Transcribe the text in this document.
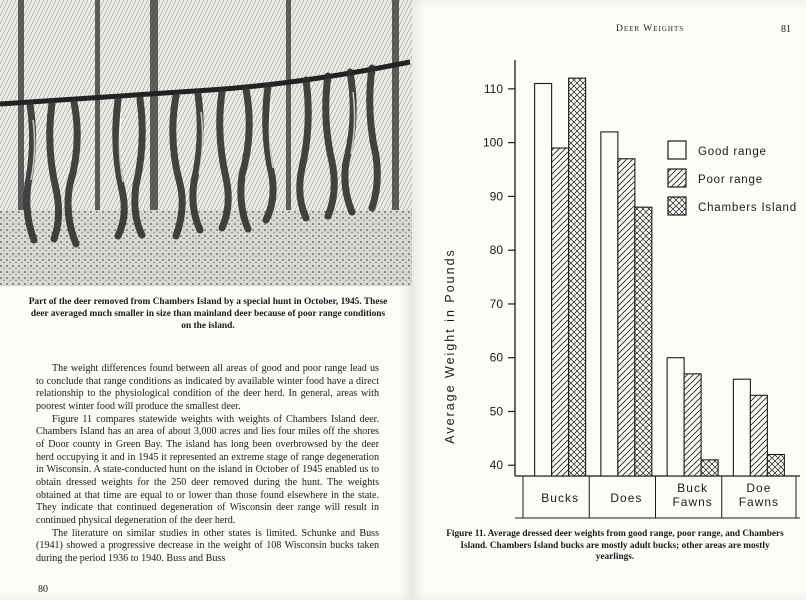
Part of the deer removed from Chambers Island by a special hunt in October, 1945. These deer averaged much smaller in size than mainland deer because of poor range conditions on the island.

The weight differences found between all areas of good and poor range lead us to conclude that range conditions as indicated by available winter food have a direct relationship to the physiological condition of the deer herd. In general, areas with poorest winter food will produce the smallest deer.

Figure 11 compares statewide weights with weights of Chambers Island deer. Chambers Island has an area of about 3,000 acres and lies four miles off the shores of Door county in Green Bay. The island has long been overbrowsed by the deer herd occupying it and in 1945 it represented an extreme stage of range degeneration in Wisconsin. A state-conducted hunt on the island in October of 1945 enabled us to obtain dressed weights for the 250 deer removed during the hunt. The weights obtained at that time are equal to or lower than those found elsewhere in the state. They indicate that continued degeneration of Wisconsin deer range will result in continued physical degeneration of the deer herd.

The literature on similar studies in other states is limited. Schunke and Buss (1941) showed a progressive decrease in the weight of 108 Wisconsin bucks taken during the period 1936 to 1940. Buss and Buss

80
Deer Weights	81
40
50
60
70
80
90
100
110
Average Weight in Pounds
Bucks	Does
Buck
Fawns
Doe
Fawns
Good range
Poor range
Chambers Island
Figure 11. Average dressed deer weights from good range, poor range, and Chambers Island. Chambers Island bucks are mostly adult bucks; other areas are mostly yearlings.
